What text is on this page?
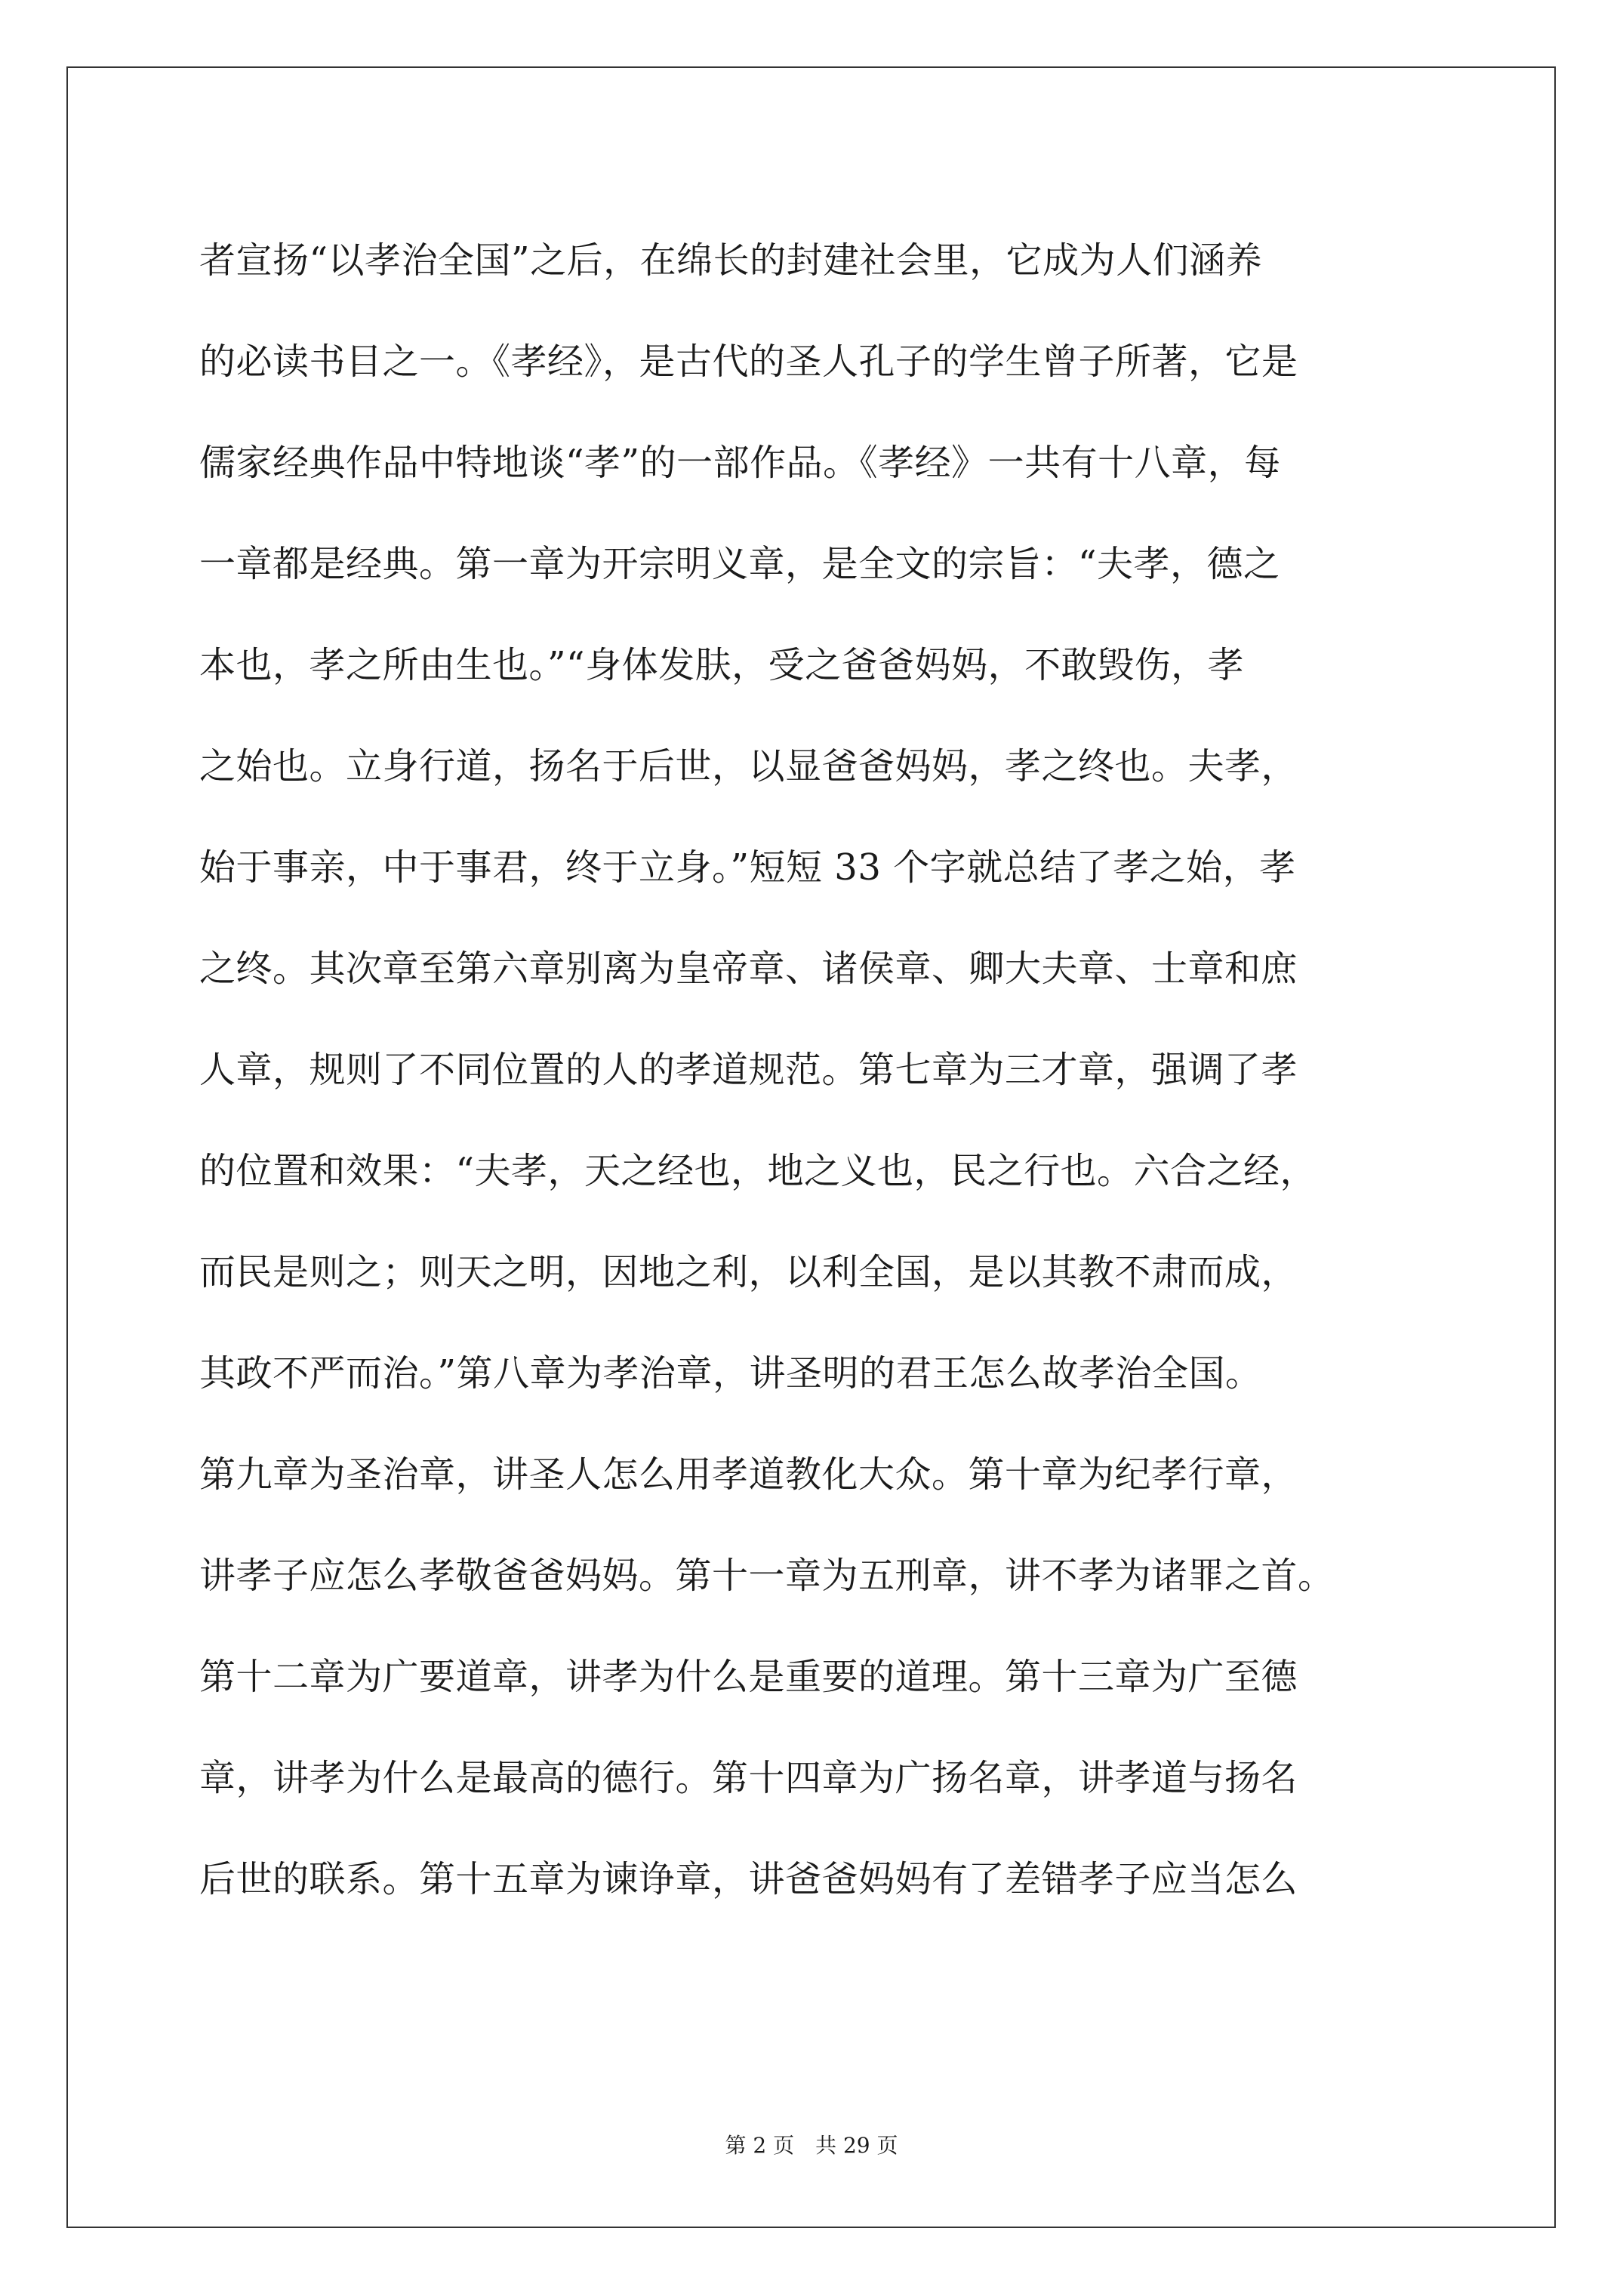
者宣扬“以孝治全国”之后，在绵长的封建社会里，它成为人们涵养
的必读书目之一。《孝经》，是古代的圣人孔子的学生曾子所著，它是
儒家经典作品中特地谈“孝”的一部作品。《孝经》一共有十八章，每
一章都是经典。第一章为开宗明义章，是全文的宗旨：“夫孝，德之
本也，孝之所由生也。”“身体发肤，受之爸爸妈妈，不敢毁伤，孝
之始也。立身行道，扬名于后世，以显爸爸妈妈，孝之终也。夫孝，
始于事亲，中于事君，终于立身。”短短 33 个字就总结了孝之始，孝
之终。其次章至第六章别离为皇帝章、诸侯章、卿大夫章、士章和庶
人章，规则了不同位置的人的孝道规范。第七章为三才章，强调了孝
的位置和效果：“夫孝，天之经也，地之义也，民之行也。六合之经，
而民是则之；则天之明，因地之利，以利全国，是以其教不肃而成，
其政不严而治。”第八章为孝治章，讲圣明的君王怎么故孝治全国。
第九章为圣治章，讲圣人怎么用孝道教化大众。第十章为纪孝行章，
讲孝子应怎么孝敬爸爸妈妈。第十一章为五刑章，讲不孝为诸罪之首。
第十二章为广要道章，讲孝为什么是重要的道理。第十三章为广至德
章，讲孝为什么是最高的德行。第十四章为广扬名章，讲孝道与扬名
后世的联系。第十五章为谏诤章，讲爸爸妈妈有了差错孝子应当怎么
第 2 页　共 29 页
